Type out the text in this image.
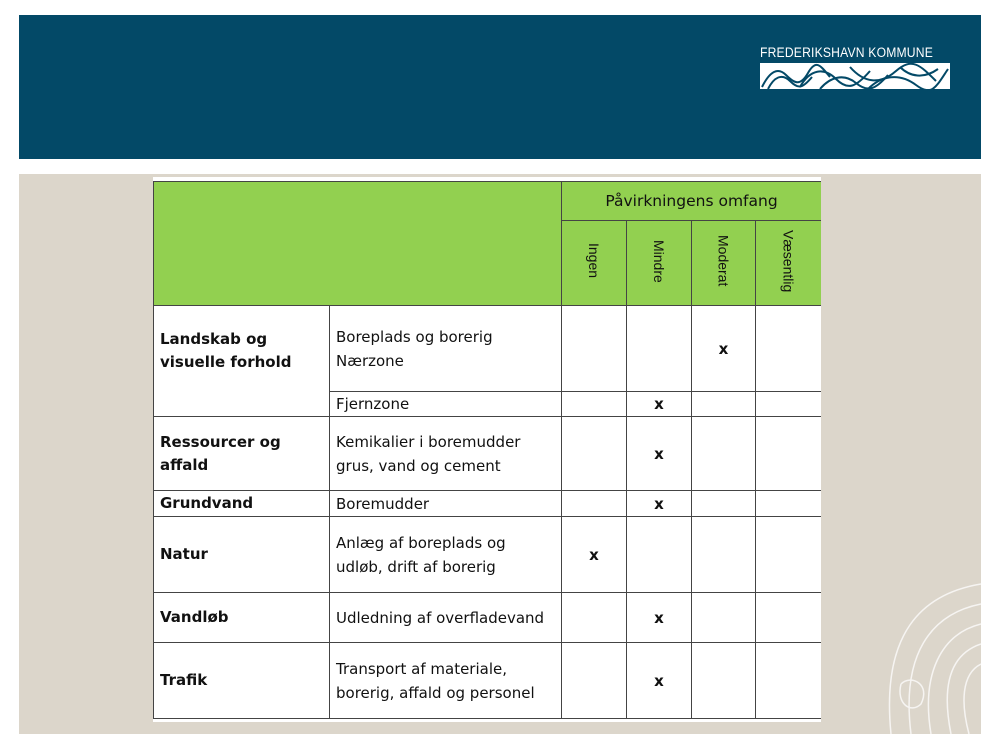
FREDERIKSHAVN KOMMUNE

		Påvirkningens omfang			
		Ingen	Mindre	Moderat	Væsentlig
Landskab og visuelle forhold	Boreplads og borerig Nærzone			x	
	Fjernzone		x		
Ressourcer og affald	Kemikalier i boremudder grus, vand og cement		x		
Grundvand	Boremudder		x		
Natur	Anlæg af boreplads og udløb, drift af borerig	x			
Vandløb	Udledning af overfladevand		x		
Trafik	Transport af materiale, borerig, affald og personel		x		
